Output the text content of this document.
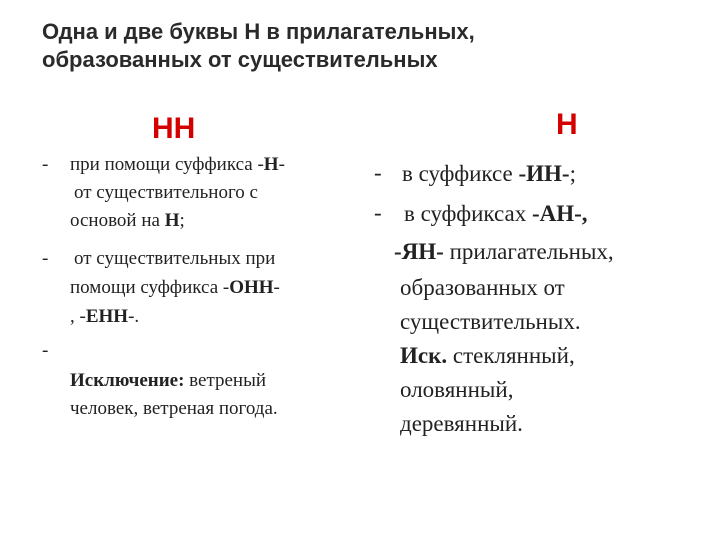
Одна и две буквы Н в прилагательных,
образованных от существительных
НН	Н
- при помощи суффикса -Н-
от существительного с
основой на Н;
- от существительных при
помощи суффикса -ОНН-
, -ЕНН-.
-
Исключение: ветреный
человек, ветреная погода.
- в суффиксе -ИН-;
- в суффиксах -АН-,
-ЯН- прилагательных,
образованных от
существительных.
Иск. стеклянный,
оловянный,
деревянный.
